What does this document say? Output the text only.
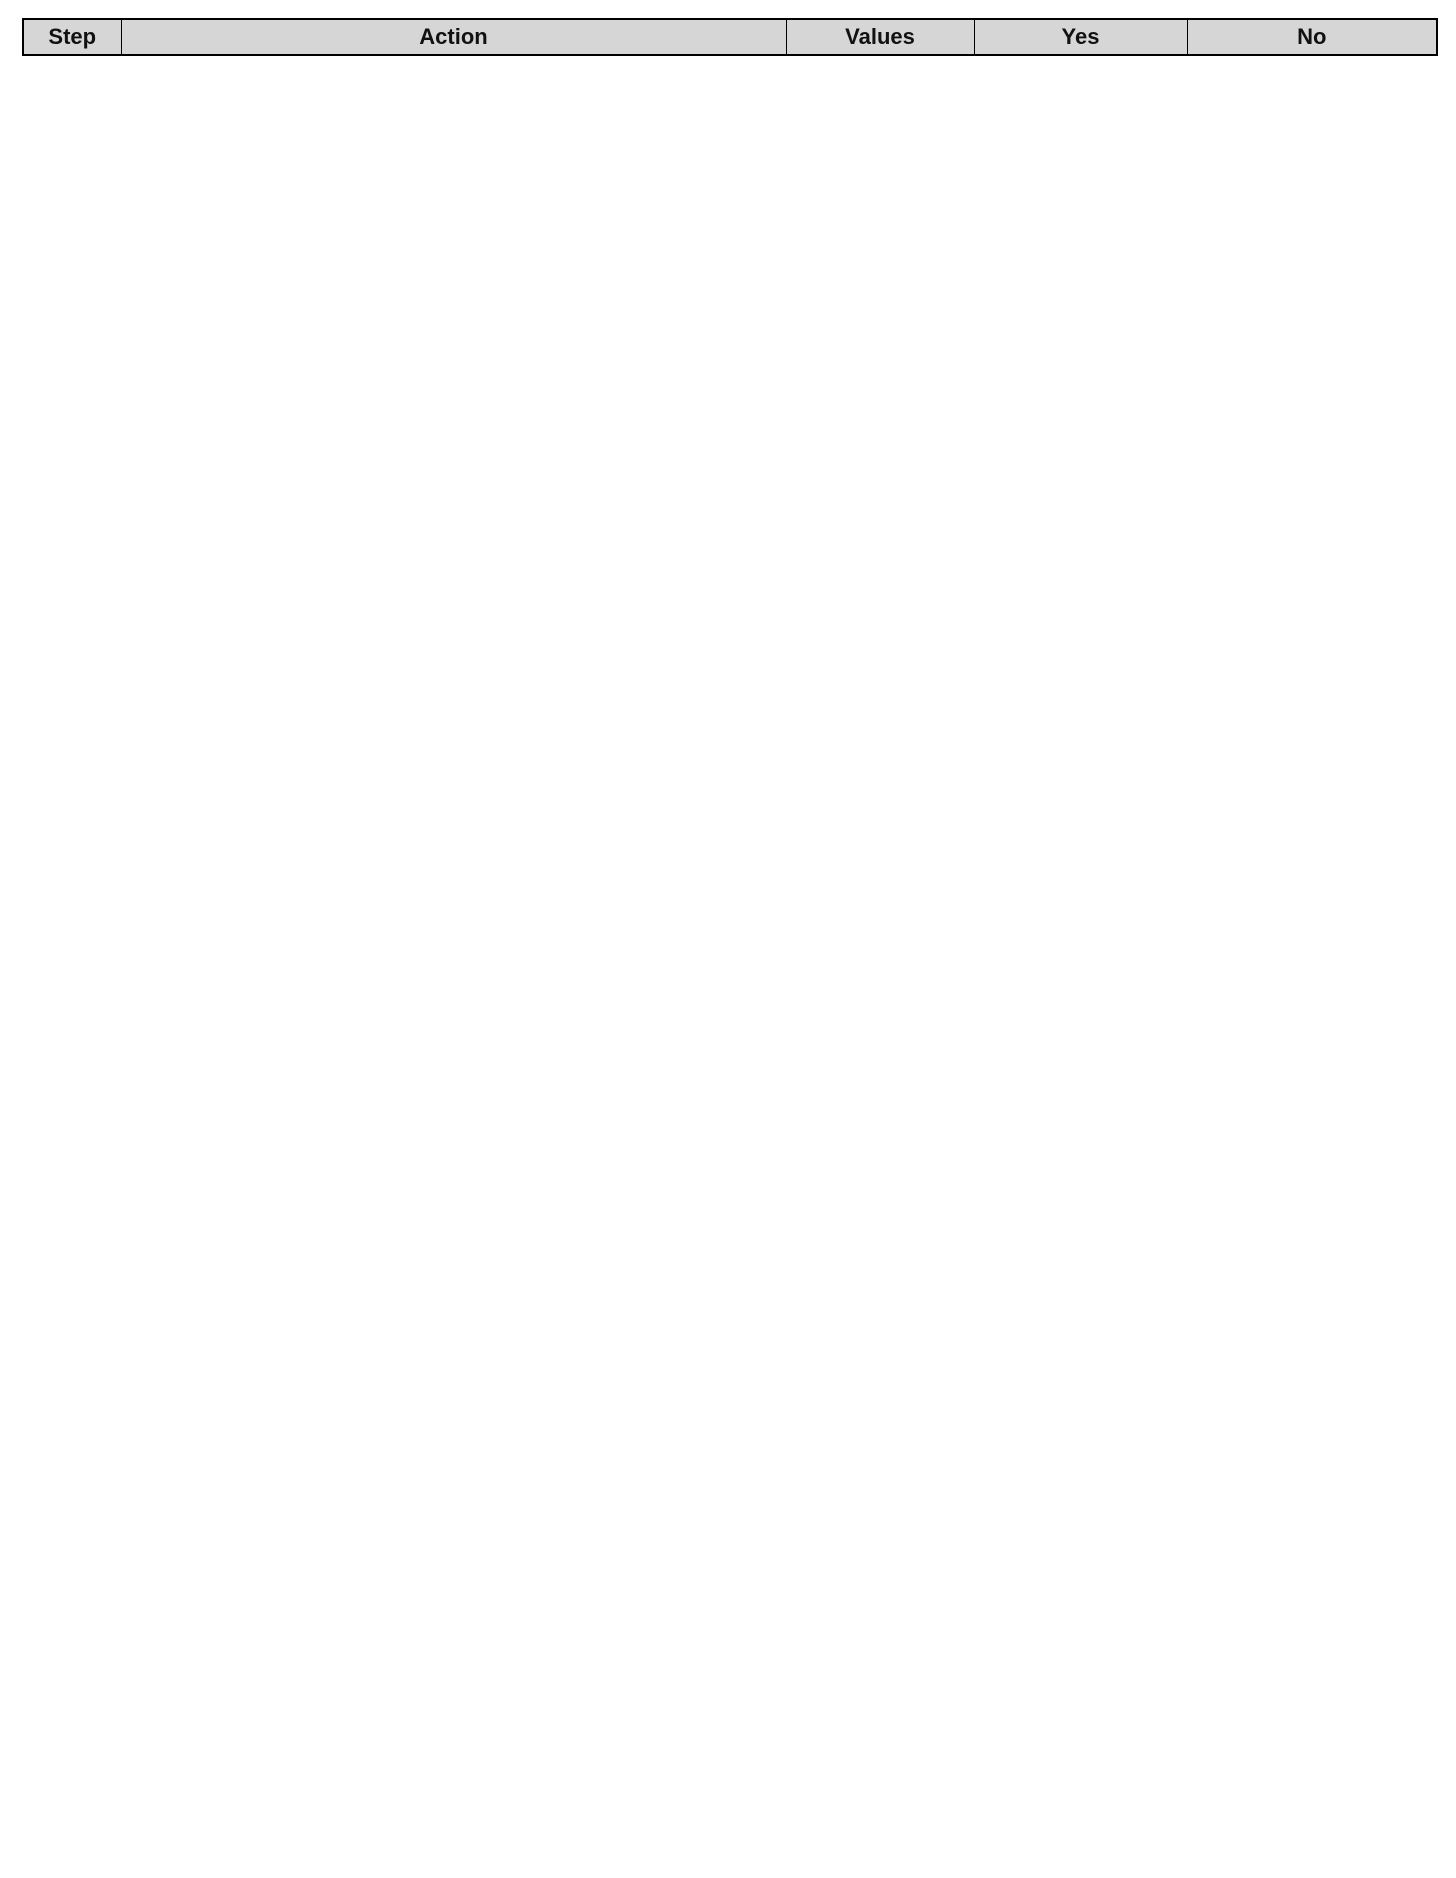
Step	Action	Values	Yes	No
